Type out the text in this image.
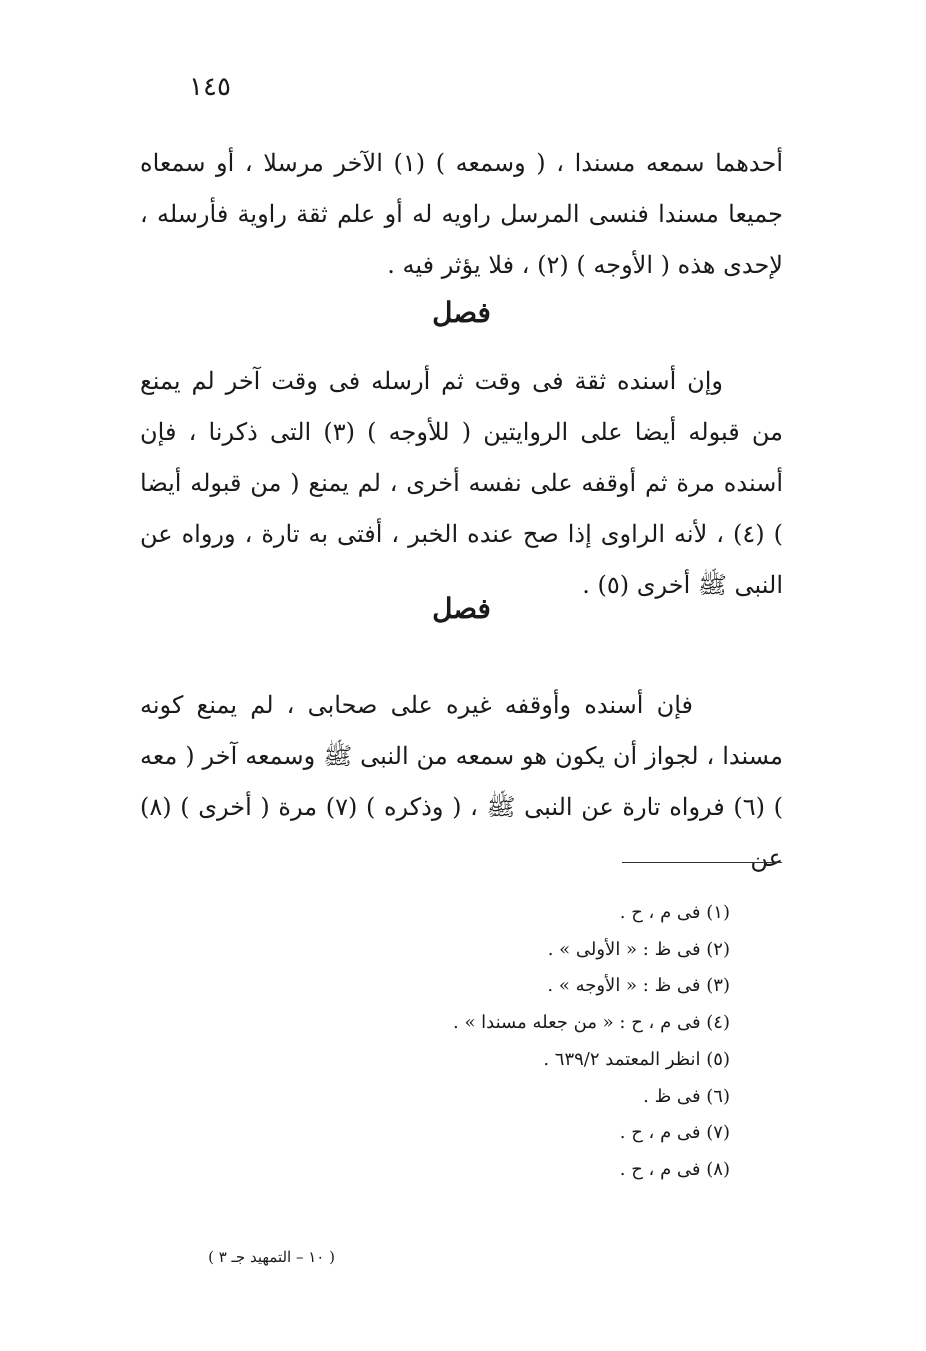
١٤٥

أحدهما سمعه مسندا ، ( وسمعه ) (١) الآخر مرسلا ، أو سمعاه جميعا مسندا فنسى المرسل راويه له أو علم ثقة راوية فأرسله ، لإحدى هذه ( الأوجه ) (٢) ، فلا يؤثر فيه .

فصل

وإن أسنده ثقة فى وقت ثم أرسله فى وقت آخر لم يمنع من قبوله أيضا على الروايتين ( للأوجه ) (٣) التى ذكرنا ، فإن أسنده مرة ثم أوقفه على نفسه أخرى ، لم يمنع ( من قبوله أيضا ) (٤) ، لأنه الراوى إذا صح عنده الخبر ، أفتى به تارة ، ورواه عن النبى ﷺ أخرى (٥) .

فصل

فإن أسنده وأوقفه غيره على صحابى ، لم يمنع كونه مسندا ، لجواز أن يكون هو سمعه من النبى ﷺ وسمعه آخر ( معه ) (٦) فرواه تارة عن النبى ﷺ ، ( وذكره ) (٧) مرة ( أخرى ) (٨) عن

(١) فى م ، ح .
(٢) فى ظ : « الأولى » .
(٣) فى ظ : « الأوجه » .
(٤) فى م ، ح : « من جعله مسندا » .
(٥) انظر المعتمد ٦٣٩/٢ .
(٦) فى ظ .
(٧) فى م ، ح .
(٨) فى م ، ح .
( ١٠ – التمهيد جـ ٣ )
